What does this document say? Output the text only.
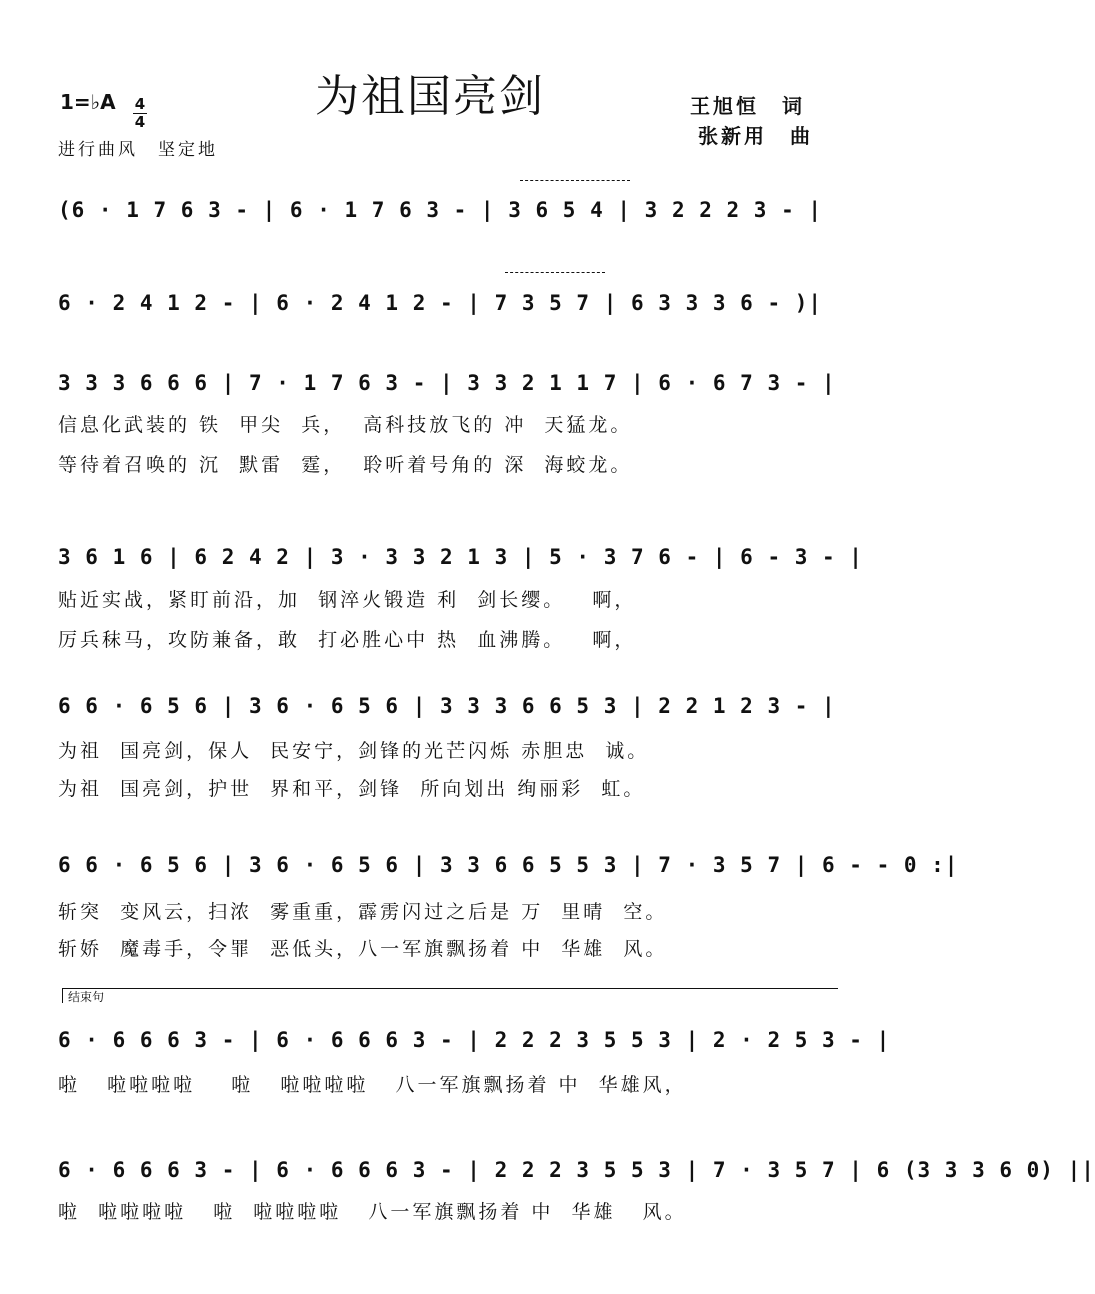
为祖国亮剑
1=♭A 4
4
进行曲风　坚定地
王旭恒　词
张新用　曲
(6 · 1 7 6 3 - | 6 · 1 7 6 3 - | 3 6 5 4 | 3 2 2 2 3 - |
6 · 2 4 1 2 - | 6 · 2 4 1 2 - | 7 3 5 7 | 6 3 3 3 6 - )|
3 3 3 6 6 6 | 7 · 1 7 6 3 - | 3 3 2 1 1 7 | 6 · 6 7 3 - |
信息化武装的 铁  甲尖  兵，  高科技放飞的 冲  天猛龙。
等待着召唤的 沉  默雷  霆，  聆听着号角的 深  海蛟龙。
3 6 1 6 | 6 2 4 2 | 3 · 3 3 2 1 3 | 5 · 3 7 6 - | 6 - 3 - |
贴近实战，紧盯前沿，加  钢淬火锻造 利  剑长缨。   啊，
厉兵秣马，攻防兼备，敢  打必胜心中 热  血沸腾。   啊，
6 6 · 6 5 6 | 3 6 · 6 5 6 | 3 3 3 6 6 5 3 | 2 2 1 2 3 - |
为祖  国亮剑，保人  民安宁，剑锋的光芒闪烁 赤胆忠  诚。
为祖  国亮剑，护世  界和平，剑锋  所向划出 绚丽彩  虹。
6 6 · 6 5 6 | 3 6 · 6 5 6 | 3 3 6 6 5 5 3 | 7 · 3 5 7 | 6 - - 0 :|
斩突  变风云，扫浓  雾重重，霹雳闪过之后是 万  里晴  空。
斩娇  魔毒手，令罪  恶低头，八一军旗飘扬着 中  华雄  风。
结束句
6 · 6 6 6 3 - | 6 · 6 6 6 3 - | 2 2 2 3 5 5 3 | 2 · 2 5 3 - |
啦   啦啦啦啦    啦   啦啦啦啦   八一军旗飘扬着 中  华雄风，
6 · 6 6 6 3 - | 6 · 6 6 6 3 - | 2 2 2 3 5 5 3 | 7 · 3 5 7 | 6 (3 3 3 6 0) ||
啦  啦啦啦啦   啦  啦啦啦啦   八一军旗飘扬着 中  华雄   风。
